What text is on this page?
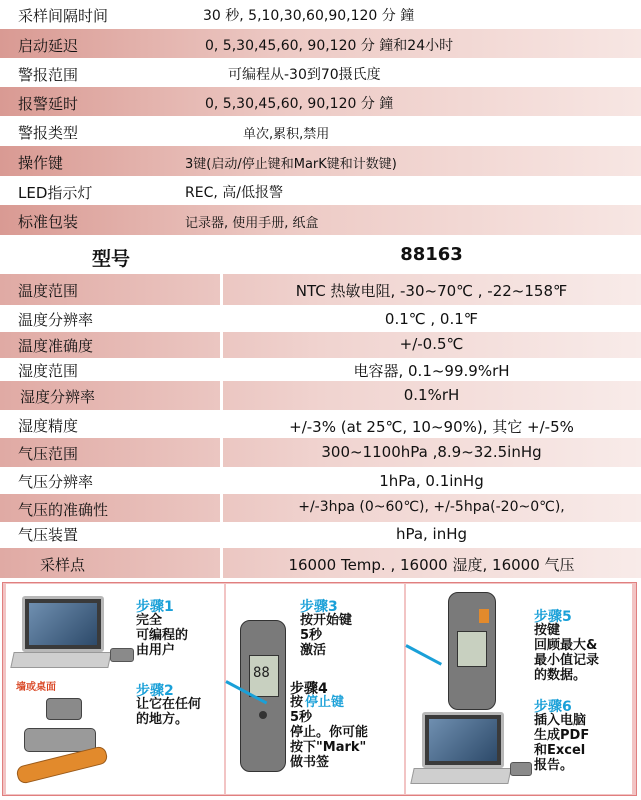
采样间隔时间	30 秒, 5,10,30,60,90,120 分 鐘
启动延迟	0, 5,30,45,60, 90,120 分 鐘和24小时
警报范围	可编程从-30到70摄氏度
报警延时	0, 5,30,45,60, 90,120 分 鐘
警报类型	单次,累积,禁用
操作键	3键(启动/停止键和MarK键和计数键)
LED指示灯	REC, 高/低报警
标准包装	记录器, 使用手册, 纸盒
型号	88163
温度范围	NTC 热敏电阻, -30~70℃ , -22~158℉
温度分辨率	0.1℃ , 0.1℉
温度准确度	+/-0.5℃
湿度范围	电容器, 0.1~99.9%rH
湿度分辨率	0.1%rH
湿度精度	+/-3% (at 25℃, 10~90%), 其它 +/-5%
气压范围	300~1100hPa ,8.9~32.5inHg
气压分辨率	1hPa, 0.1inHg
气压的准确性	+/-3hpa (0~60℃), +/-5hpa(-20~0℃),
气压装置	hPa, inHg
采样点	16000 Temp. , 16000 湿度, 16000 气压
步骤1
完全
可编程的
由用户
墙或桌面	步骤2
让它在任何
的地方。
88
步骤3
按开始键
5秒
激活
步骤4
按 停止键
5秒
停止。你可能
按下"Mark"
做书签
步骤5
按键
回顾最大&
最小值记录
的数据。
步骤6
插入电脑
生成PDF
和Excel
报告。
